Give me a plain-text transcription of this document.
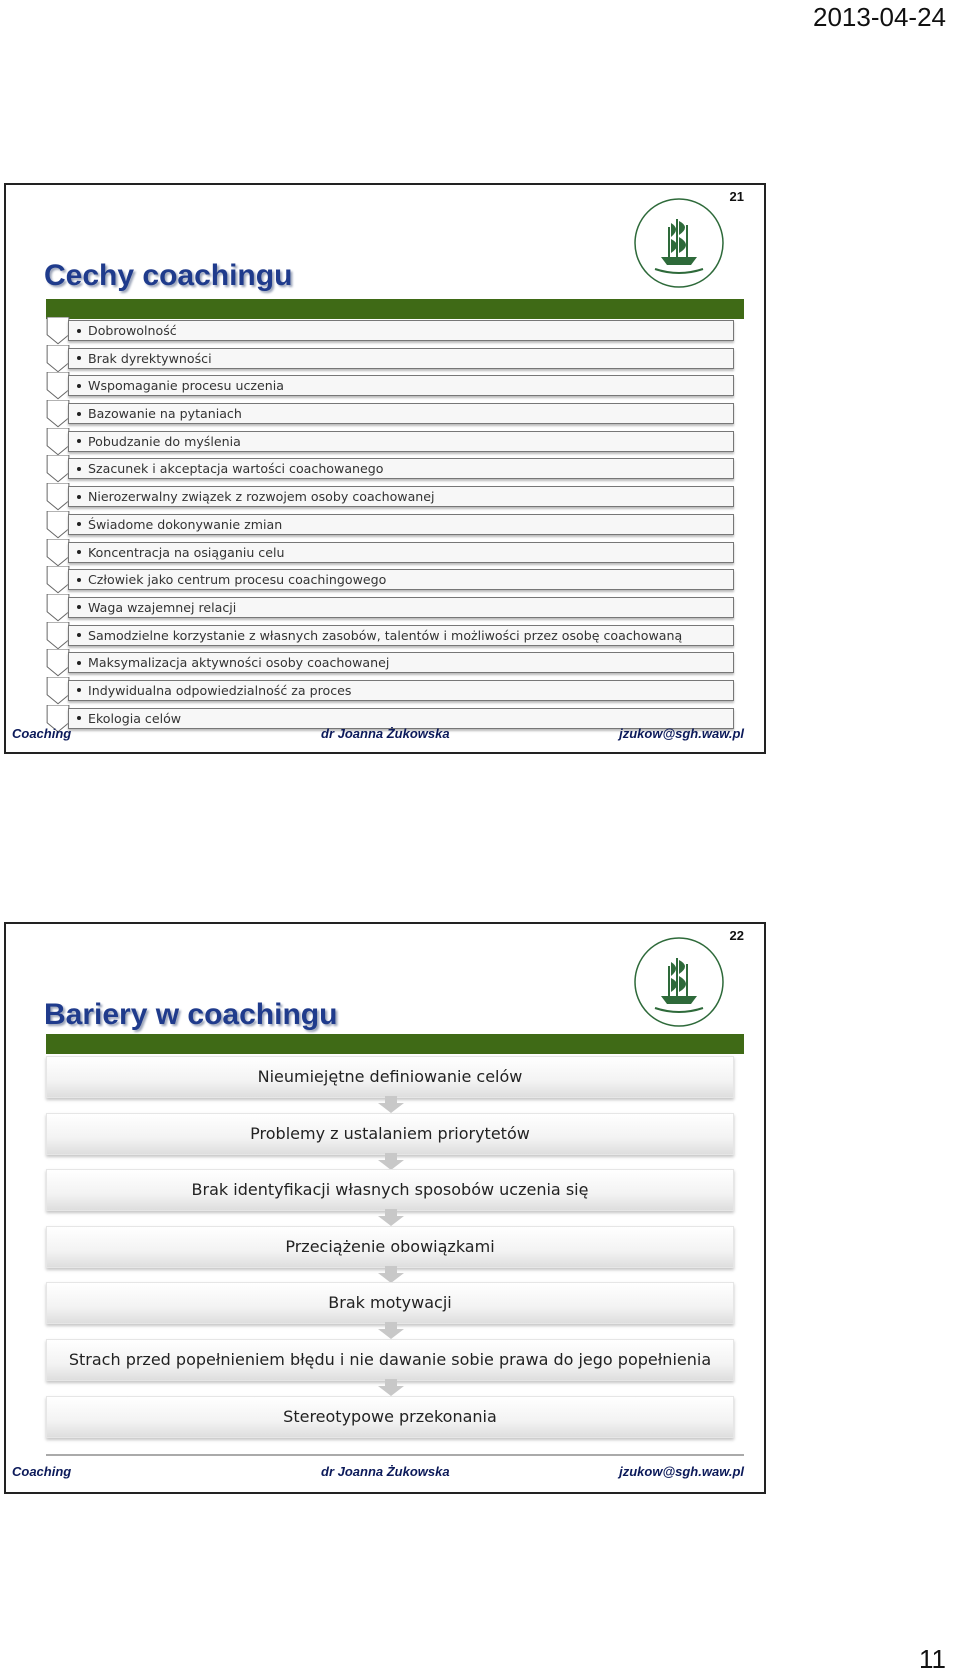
2013-04-24
21
Cechy coachingu
Dobrowolność
Brak dyrektywności
Wspomaganie procesu uczenia
Bazowanie na pytaniach
Pobudzanie do myślenia
Szacunek i akceptacja wartości coachowanego
Nierozerwalny związek z rozwojem osoby coachowanej
Świadome dokonywanie zmian
Koncentracja na osiąganiu celu
Człowiek jako centrum procesu coachingowego
Waga wzajemnej relacji
Samodzielne korzystanie z własnych zasobów, talentów i możliwości przez osobę coachowaną
Maksymalizacja aktywności osoby coachowanej
Indywidualna odpowiedzialność za proces
Ekologia celów
Coaching	dr Joanna Żukowska	jzukow@sgh.waw.pl
22
Bariery w coachingu
Nieumiejętne definiowanie celów
Problemy z ustalaniem priorytetów
Brak identyfikacji własnych sposobów uczenia się
Przeciążenie obowiązkami
Brak motywacji
Strach przed popełnieniem błędu i nie dawanie sobie prawa do jego popełnienia
Stereotypowe przekonania
Coaching	dr Joanna Żukowska	jzukow@sgh.waw.pl
11
